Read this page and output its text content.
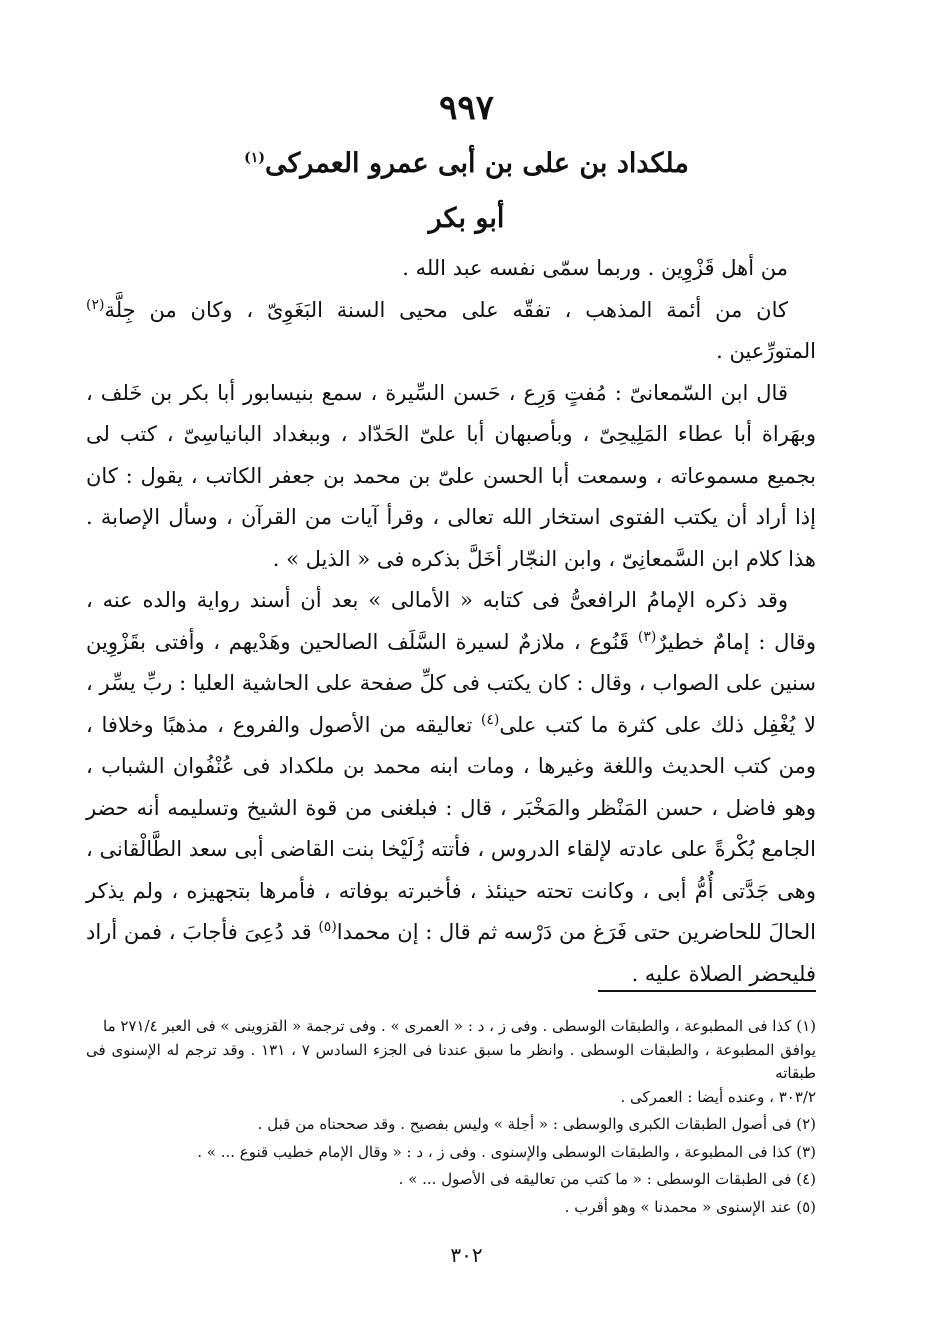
٩٩٧
ملكداد بن على بن أبى عمرو العمركى$^{(١)}$
أبو بكر

من أهل قَزْوِين . وربما سمّى نفسه عبد الله .

كان من أئمة المذهب ، تفقّه على محيى السنة البَغَوِىّ ، وكان من جِلَّة$^{(٢)}$ المتورِّعين .

قال ابن السّمعانىّ : مُفتٍ وَرِع ، حَسن السِّيرة ، سمع بنيسابور أبا بكر بن خَلف ، وبهَراة أبا عطاء المَلِيحِىّ ، وبأصبهان أبا علىّ الحَدّاد ، وببغداد البانياسِىّ ، كتب لى بجميع مسموعاته ، وسمعت أبا الحسن علىّ بن محمد بن جعفر الكاتب ، يقول : كان إذا أراد أن يكتب الفتوى استخار الله تعالى ، وقرأ آيات من القرآن ، وسأل الإصابة . هذا كلام ابن السَّمعانِىّ ، وابن النجّار أخَلَّ بذكره فى « الذيل » .

وقد ذكره الإمامُ الرافعىُّ فى كتابه « الأمالى » بعد أن أسند رواية والده عنه ، وقال : إمامٌ خطيرٌ$^{(٣)}$ قَنُوع ، ملازمٌ لسيرة السَّلَف الصالحين وهَدْيهم ، وأفتى بقَزْوِين سنين على الصواب ، وقال : كان يكتب فى كلِّ صفحة على الحاشية العليا : ربِّ يسِّر ، لا يُغْفِل ذلك على كثرة ما كتب على$^{(٤)}$ تعاليقه من الأصول والفروع ، مذهبًا وخلافا ، ومن كتب الحديث واللغة وغيرها ، ومات ابنه محمد بن ملكداد فى عُنْفُوان الشباب ، وهو فاضل ، حسن المَنْظر والمَخْبَر ، قال : فبلغنى من قوة الشيخ وتسليمه أنه حضر الجامع بُكْرةً على عادته لإلقاء الدروس ، فأتته زُلَيْخا بنت القاضى أبى سعد الطَّالْقانى ، وهى جَدَّتى أُمُّ أبى ، وكانت تحته حينئذ ، فأخبرته بوفاته ، فأمرها بتجهيزه ، ولم يذكر الحالَ للحاضرين حتى فَرَغ من دَرْسه ثم قال : إن محمدا$^{(٥)}$ قد دُعِىَ فأجابَ ، فمن أراد فليحضر الصلاة عليه .

(١) كذا فى المطبوعة ، والطبقات الوسطى . وفى ز ، د : « العمرى » . وفى ترجمة « القزوينى » فى العبر ٢٧١/٤ ما
يوافق المطبوعة ، والطبقات الوسطى . وانظر ما سبق عندنا فى الجزء السادس ٧ ، ١٣١ . وقد ترجم له الإسنوى فى طبقاته
٣٠٣/٢ ، وعنده أيضا : العمركى .
(٢) فى أصول الطبقات الكبرى والوسطى : « أجلة » وليس بفصيح . وقد صححناه من قبل .
(٣) كذا فى المطبوعة ، والطبقات الوسطى والإسنوى . وفى ز ، د : « وقال الإمام خطيب قنوع ... » .
(٤) فى الطبقات الوسطى : « ما كتب من تعاليقه فى الأصول ... » .
(٥) عند الإسنوى « محمدنا » وهو أقرب .
٣٠٢
